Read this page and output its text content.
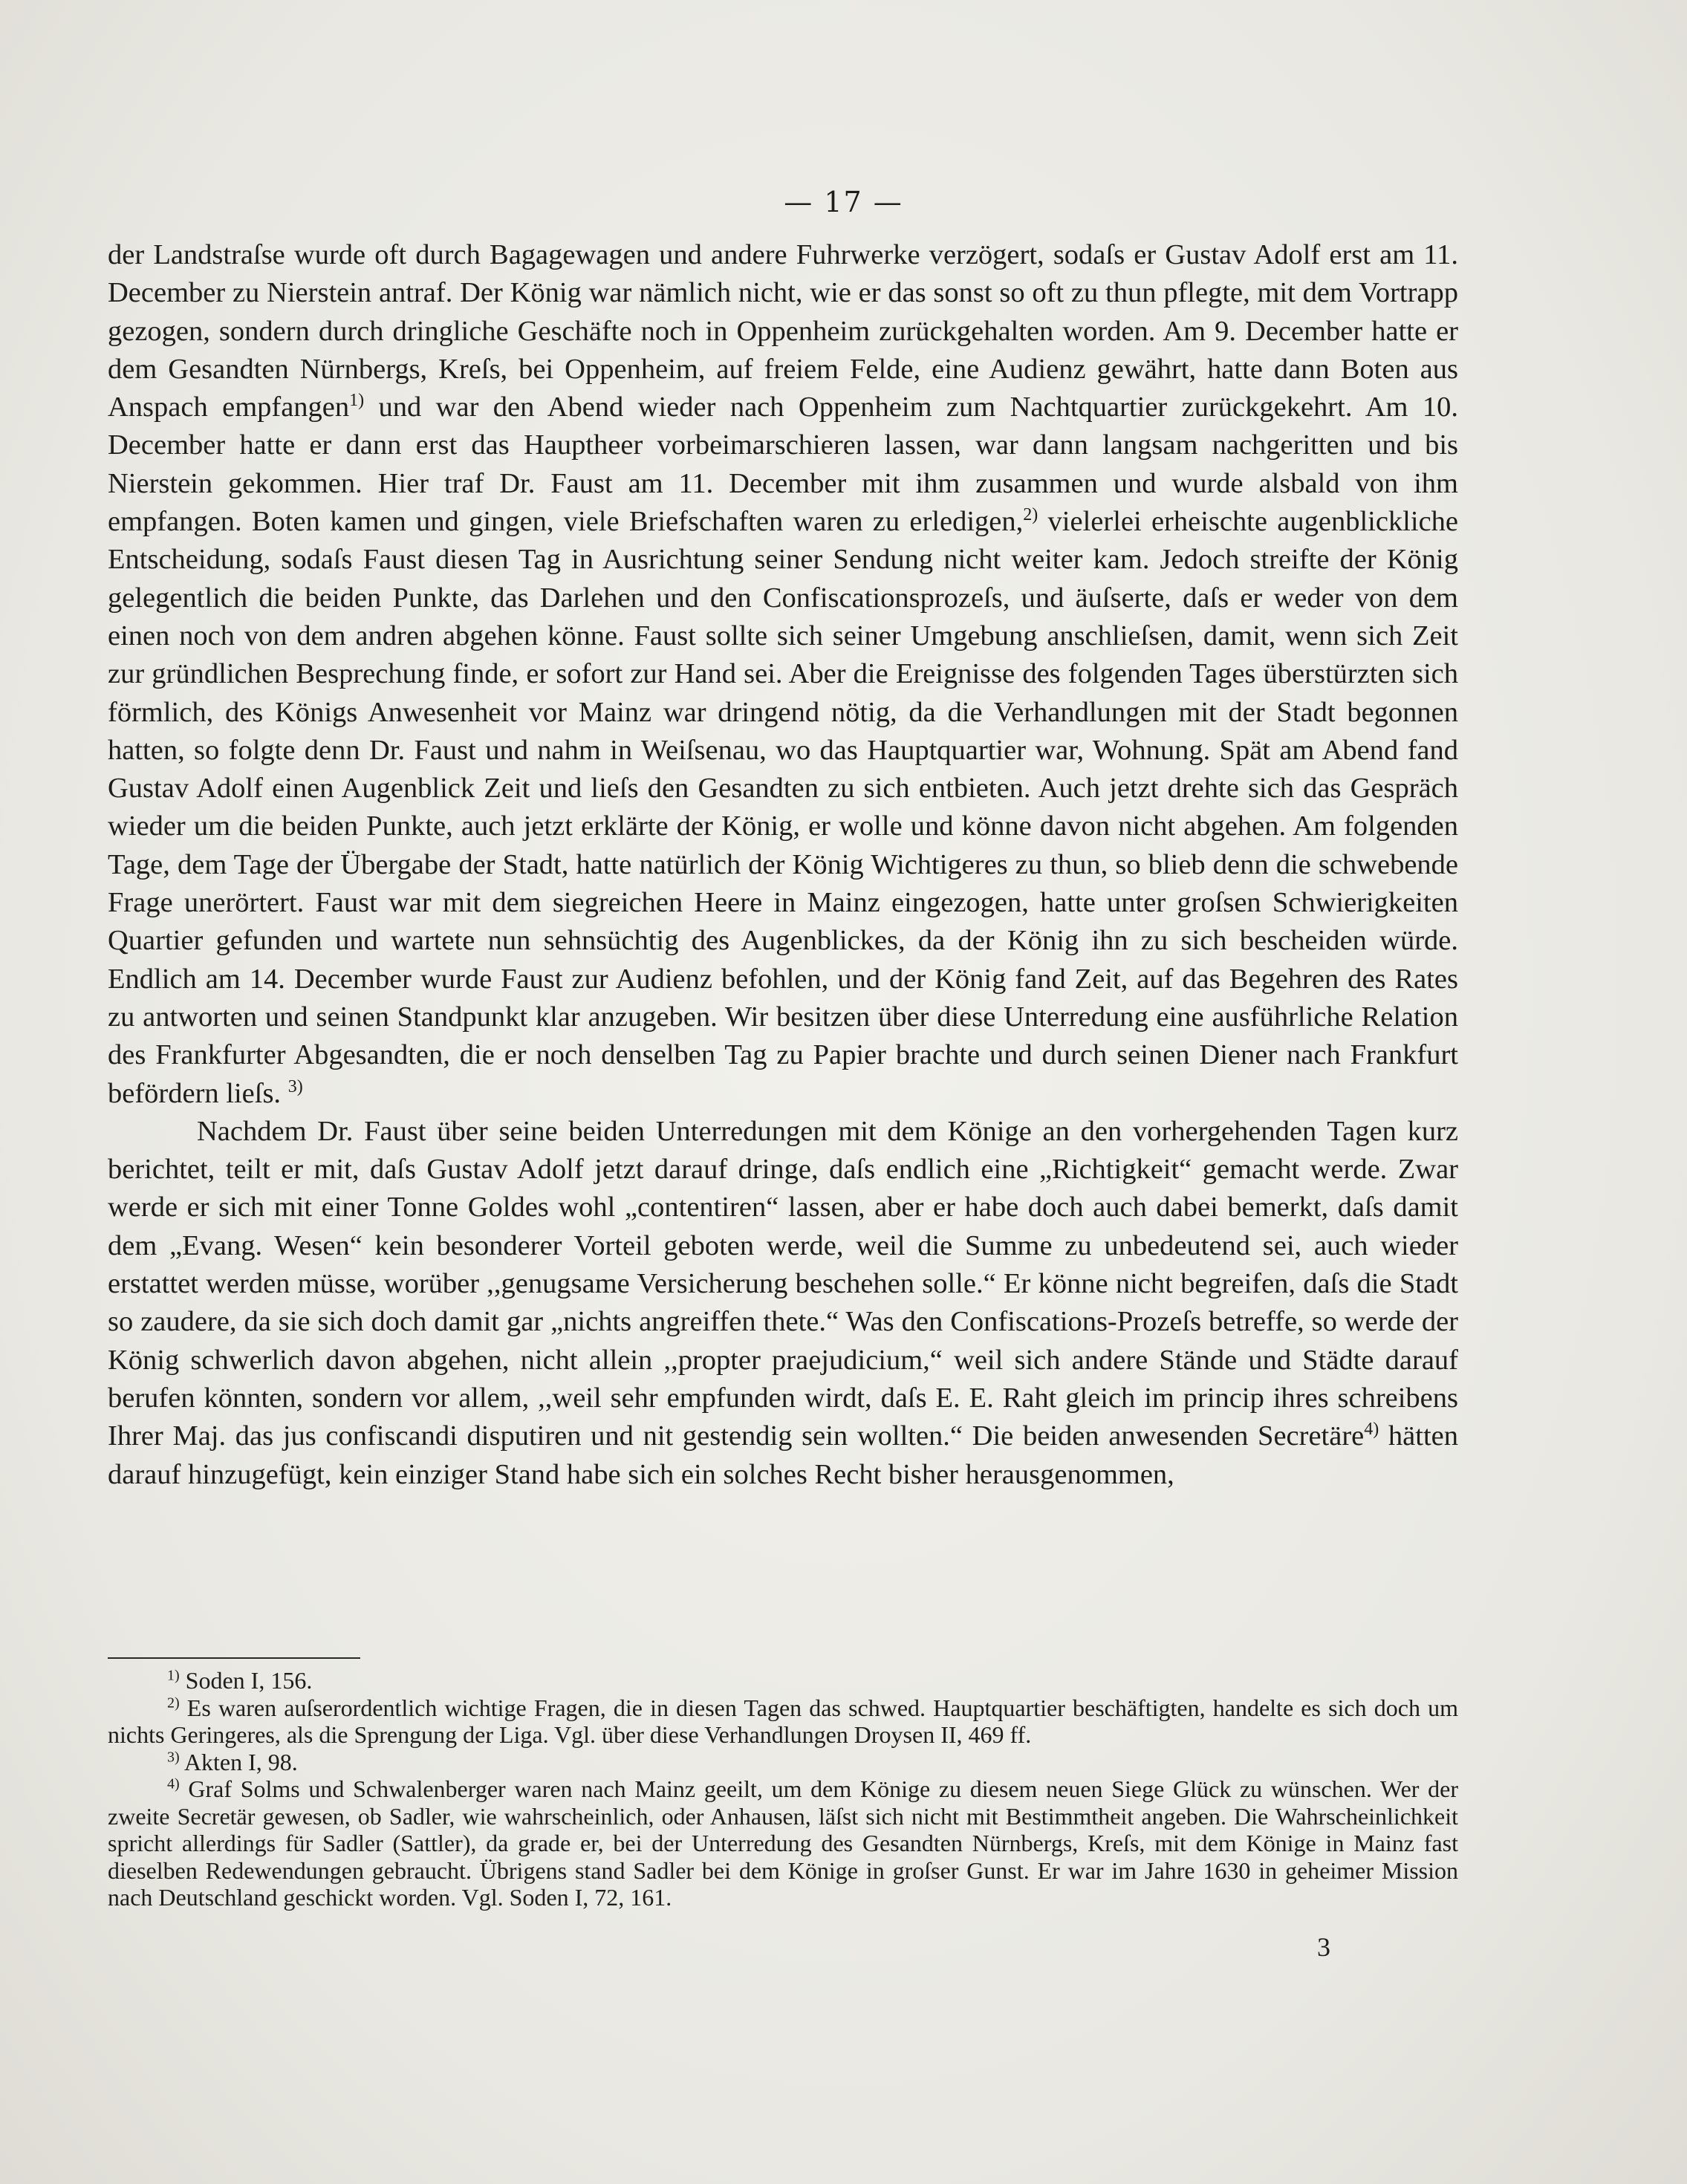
— 17 —

der Landstraſse wurde oft durch Bagagewagen und andere Fuhrwerke verzögert, sodaſs er Gustav Adolf erst am 11. December zu Nierstein antraf. Der König war nämlich nicht, wie er das sonst so oft zu thun pflegte, mit dem Vortrapp gezogen, sondern durch dringliche Geschäfte noch in Oppenheim zurückgehalten worden. Am 9. December hatte er dem Gesandten Nürnbergs, Kreſs, bei Oppenheim, auf freiem Felde, eine Audienz gewährt, hatte dann Boten aus Anspach empfangen$^{1)}$ und war den Abend wieder nach Oppenheim zum Nachtquartier zurückgekehrt. Am 10. December hatte er dann erst das Hauptheer vorbeimarschieren lassen, war dann langsam nachgeritten und bis Nierstein gekommen. Hier traf Dr. Faust am 11. December mit ihm zusammen und wurde alsbald von ihm empfangen. Boten kamen und gingen, viele Briefschaften waren zu erledigen,$^{2)}$ vielerlei erheischte augenblickliche Entscheidung, sodaſs Faust diesen Tag in Ausrichtung seiner Sendung nicht weiter kam. Jedoch streifte der König gelegentlich die beiden Punkte, das Darlehen und den Confiscationsprozeſs, und äuſserte, daſs er weder von dem einen noch von dem andren abgehen könne. Faust sollte sich seiner Umgebung anschlieſsen, damit, wenn sich Zeit zur gründlichen Besprechung finde, er sofort zur Hand sei. Aber die Ereignisse des folgenden Tages überstürzten sich förmlich, des Königs Anwesenheit vor Mainz war dringend nötig, da die Verhandlungen mit der Stadt begonnen hatten, so folgte denn Dr. Faust und nahm in Weiſsenau, wo das Hauptquartier war, Wohnung. Spät am Abend fand Gustav Adolf einen Augenblick Zeit und lieſs den Gesandten zu sich entbieten. Auch jetzt drehte sich das Gespräch wieder um die beiden Punkte, auch jetzt erklärte der König, er wolle und könne davon nicht abgehen. Am folgenden Tage, dem Tage der Übergabe der Stadt, hatte natürlich der König Wichtigeres zu thun, so blieb denn die schwebende Frage unerörtert. Faust war mit dem siegreichen Heere in Mainz eingezogen, hatte unter groſsen Schwierigkeiten Quartier gefunden und wartete nun sehnsüchtig des Augenblickes, da der König ihn zu sich bescheiden würde. Endlich am 14. December wurde Faust zur Audienz befohlen, und der König fand Zeit, auf das Begehren des Rates zu antworten und seinen Standpunkt klar anzugeben. Wir besitzen über diese Unterredung eine ausführliche Relation des Frankfurter Abgesandten, die er noch denselben Tag zu Papier brachte und durch seinen Diener nach Frankfurt befördern lieſs. $^{3)}$

Nachdem Dr. Faust über seine beiden Unterredungen mit dem Könige an den vorhergehenden Tagen kurz berichtet, teilt er mit, daſs Gustav Adolf jetzt darauf dringe, daſs endlich eine „Richtigkeit“ gemacht werde. Zwar werde er sich mit einer Tonne Goldes wohl „contentiren“ lassen, aber er habe doch auch dabei bemerkt, daſs damit dem „Evang. Wesen“ kein besonderer Vorteil geboten werde, weil die Summe zu unbedeutend sei, auch wieder erstattet werden müsse, worüber ,,genugsame Versicherung beschehen solle.“ Er könne nicht begreifen, daſs die Stadt so zaudere, da sie sich doch damit gar „nichts angreiffen thete.“ Was den Confiscations-Prozeſs betreffe, so werde der König schwerlich davon abgehen, nicht allein ,,propter praejudicium,“ weil sich andere Stände und Städte darauf berufen könnten, sondern vor allem, ,,weil sehr empfunden wirdt, daſs E. E. Raht gleich im princip ihres schreibens Ihrer Maj. das jus confiscandi disputiren und nit gestendig sein wollten.“ Die beiden anwesenden Secretäre$^{4)}$ hätten darauf hinzugefügt, kein einziger Stand habe sich ein solches Recht bisher herausgenommen,

$^{1)}$ Soden I, 156.

$^{2)}$ Es waren auſserordentlich wichtige Fragen, die in diesen Tagen das schwed. Hauptquartier beschäftigten, handelte es sich doch um nichts Geringeres, als die Sprengung der Liga. Vgl. über diese Verhandlungen Droysen II, 469 ff.

$^{3)}$ Akten I, 98.

$^{4)}$ Graf Solms und Schwalenberger waren nach Mainz geeilt, um dem Könige zu diesem neuen Siege Glück zu wünschen. Wer der zweite Secretär gewesen, ob Sadler, wie wahrscheinlich, oder Anhausen, läſst sich nicht mit Bestimmtheit angeben. Die Wahrscheinlichkeit spricht allerdings für Sadler (Sattler), da grade er, bei der Unterredung des Gesandten Nürnbergs, Kreſs, mit dem Könige in Mainz fast dieselben Redewendungen gebraucht. Übrigens stand Sadler bei dem Könige in groſser Gunst. Er war im Jahre 1630 in geheimer Mission nach Deutschland geschickt worden. Vgl. Soden I, 72, 161.

3
